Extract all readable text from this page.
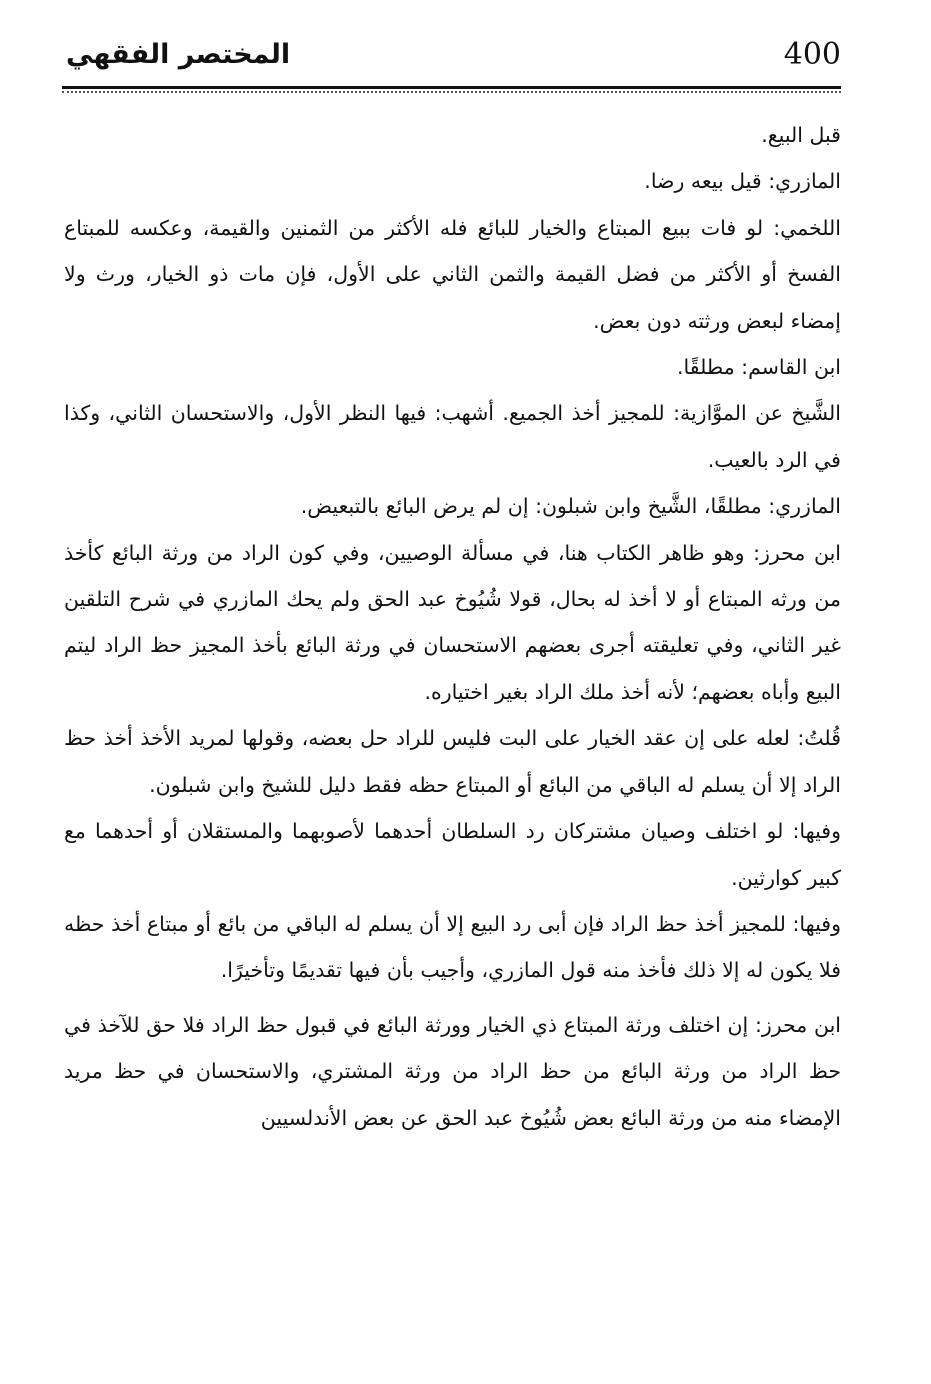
400
المختصر الفقهي

قبل البيع.

المازري: قيل بيعه رضا.

اللخمي: لو فات ببيع المبتاع والخيار للبائع فله الأكثر من الثمنين والقيمة، وعكسه للمبتاع الفسخ أو الأكثر من فضل القيمة والثمن الثاني على الأول، فإن مات ذو الخيار، ورث ولا إمضاء لبعض ورثته دون بعض.

ابن القاسم: مطلقًا.

الشَّيخ عن الموَّازية: للمجيز أخذ الجميع. أشهب: فيها النظر الأول، والاستحسان الثاني، وكذا في الرد بالعيب.

المازري: مطلقًا، الشَّيخ وابن شبلون: إن لم يرض البائع بالتبعيض.

ابن محرز: وهو ظاهر الكتاب هنا، في مسألة الوصيين، وفي كون الراد من ورثة البائع كأخذ من ورثه المبتاع أو لا أخذ له بحال، قولا شُيُوخ عبد الحق ولم يحك المازري في شرح التلقين غير الثاني، وفي تعليقته أجرى بعضهم الاستحسان في ورثة البائع بأخذ المجيز حظ الراد ليتم البيع وأباه بعضهم؛ لأنه أخذ ملك الراد بغير اختياره.

قُلتُ: لعله على إن عقد الخيار على البت فليس للراد حل بعضه، وقولها لمريد الأخذ أخذ حظ الراد إلا أن يسلم له الباقي من البائع أو المبتاع حظه فقط دليل للشيخ وابن شبلون.

وفيها: لو اختلف وصيان مشتركان رد السلطان أحدهما لأصوبهما والمستقلان أو أحدهما مع كبير كوارثين.

وفيها: للمجيز أخذ حظ الراد فإن أبى رد البيع إلا أن يسلم له الباقي من بائع أو مبتاع أخذ حظه فلا يكون له إلا ذلك فأخذ منه قول المازري، وأجيب بأن فيها تقديمًا وتأخيرًا.

ابن محرز: إن اختلف ورثة المبتاع ذي الخيار وورثة البائع في قبول حظ الراد فلا حق للآخذ في حظ الراد من ورثة البائع من حظ الراد من ورثة المشتري، والاستحسان في حظ مريد الإمضاء منه من ورثة البائع بعض شُيُوخ عبد الحق عن بعض الأندلسيين
